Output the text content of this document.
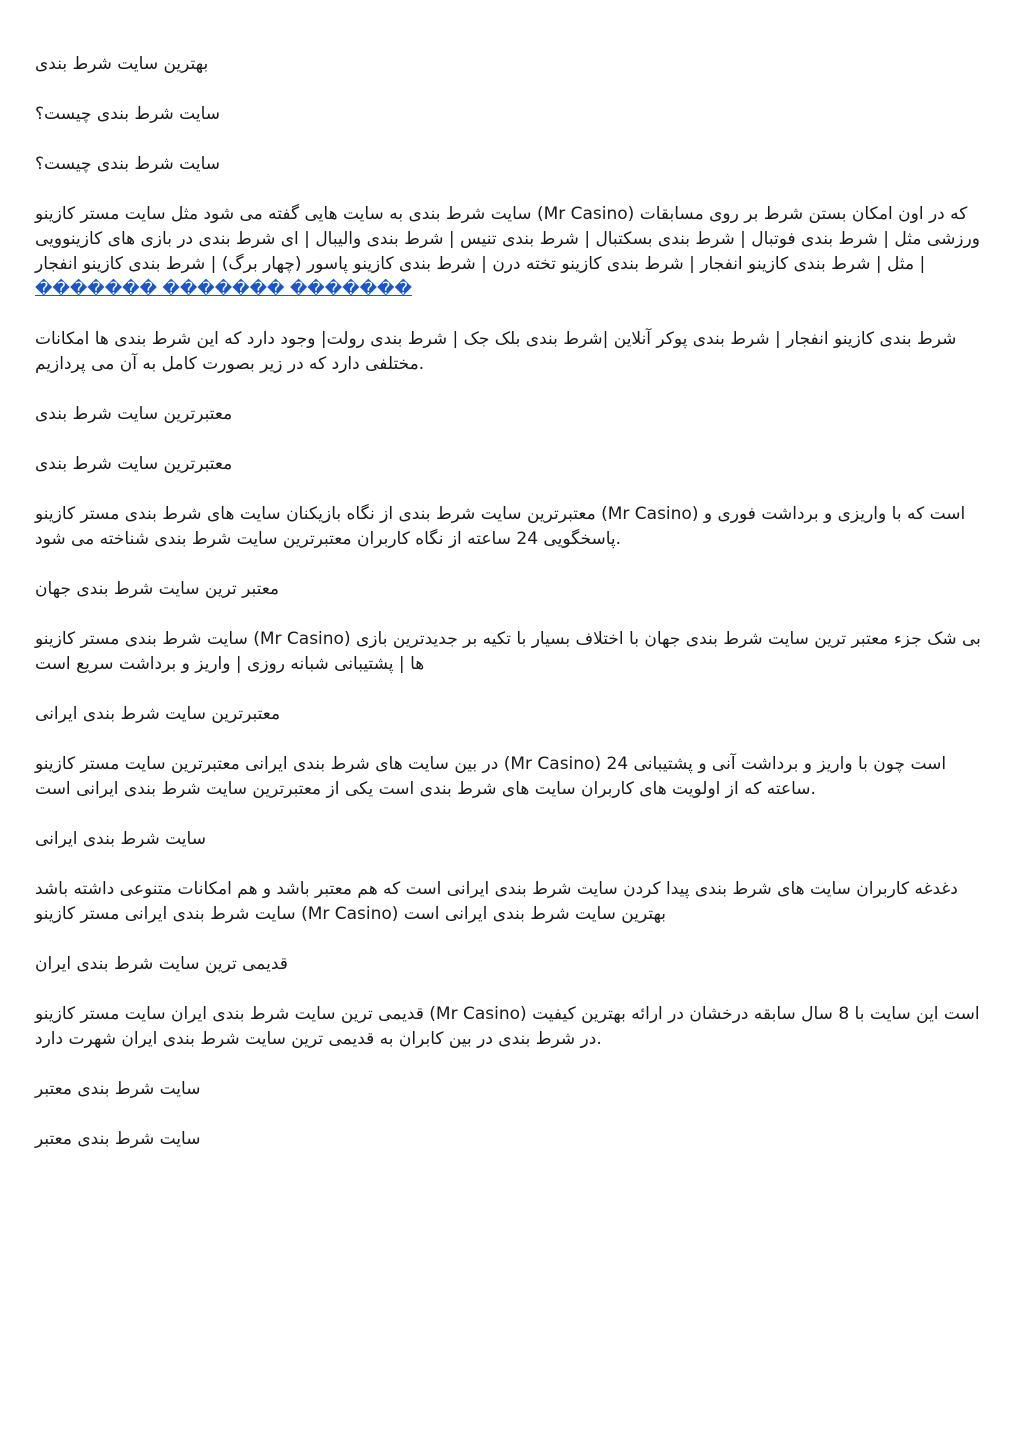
بهترین سایت شرط بندی

سایت شرط بندی چیست؟

سایت شرط بندی چیست؟

سایت شرط بندی به سایت هایی گفته می شود مثل سایت مستر کازینو (Mr Casino) که در اون امکان بستن شرط بر روی مسابقات ورزشی مثل | شرط بندی فوتبال | شرط بندی بسکتبال | شرط بندی تنیس | شرط بندی والیبال | ای شرط بندی در بازی های کازینوویی مثل | شرط بندی کازینو انفجار | شرط بندی کازینو تخته درن | شرط بندی کازینو پاسور (چهار برگ) | شرط بندی کازینو انفجار | ������� ������� �������

شرط بندی کازینو انفجار | شرط بندی پوکر آنلاین |شرط بندی بلک جک | شرط بندی رولت| وجود دارد که این شرط بندی ها امکانات مختلفی دارد که در زیر بصورت کامل به آن می پردازیم.

معتبرترین سایت شرط بندی

معتبرترین سایت شرط بندی

معتبرترین سایت شرط بندی از نگاه بازیکنان سایت های شرط بندی مستر کازینو (Mr Casino) است که با واریزی و برداشت فوری و پاسخگویی 24 ساعته از نگاه کاربران معتبرترین سایت شرط بندی شناخته می شود.

معتبر ترین سایت شرط بندی جهان

سایت شرط بندی مستر کازینو (Mr Casino) بی شک جزء معتبر ترین سایت شرط بندی جهان با اختلاف بسیار با تکیه بر جدیدترین بازی ها | پشتیبانی شبانه روزی | واریز و برداشت سریع است

معتبرترین سایت شرط بندی ایرانی

در بین سایت های شرط بندی ایرانی معتبرترین سایت مستر کازینو (Mr Casino) است چون با واریز و برداشت آنی و پشتیبانی 24 ساعته که از اولویت های کاربران سایت های شرط بندی است یکی از معتبرترین سایت شرط بندی ایرانی است.

سایت شرط بندی ایرانی

دغدغه کاربران سایت های شرط بندی پیدا کردن سایت شرط بندی ایرانی است که هم معتبر باشد و هم امکانات متنوعی داشته باشد سایت شرط بندی ایرانی مستر کازینو (Mr Casino) بهترین سایت شرط بندی ایرانی است

قدیمی ترین سایت شرط بندی ایران

قدیمی ترین سایت شرط بندی ایران سایت مستر کازینو (Mr Casino) است این سایت با 8 سال سابقه درخشان در ارائه بهترین کیفیت در شرط بندی در بین کابران به قدیمی ترین سایت شرط بندی ایران شهرت دارد.

سایت شرط بندی معتبر

سایت شرط بندی معتبر
